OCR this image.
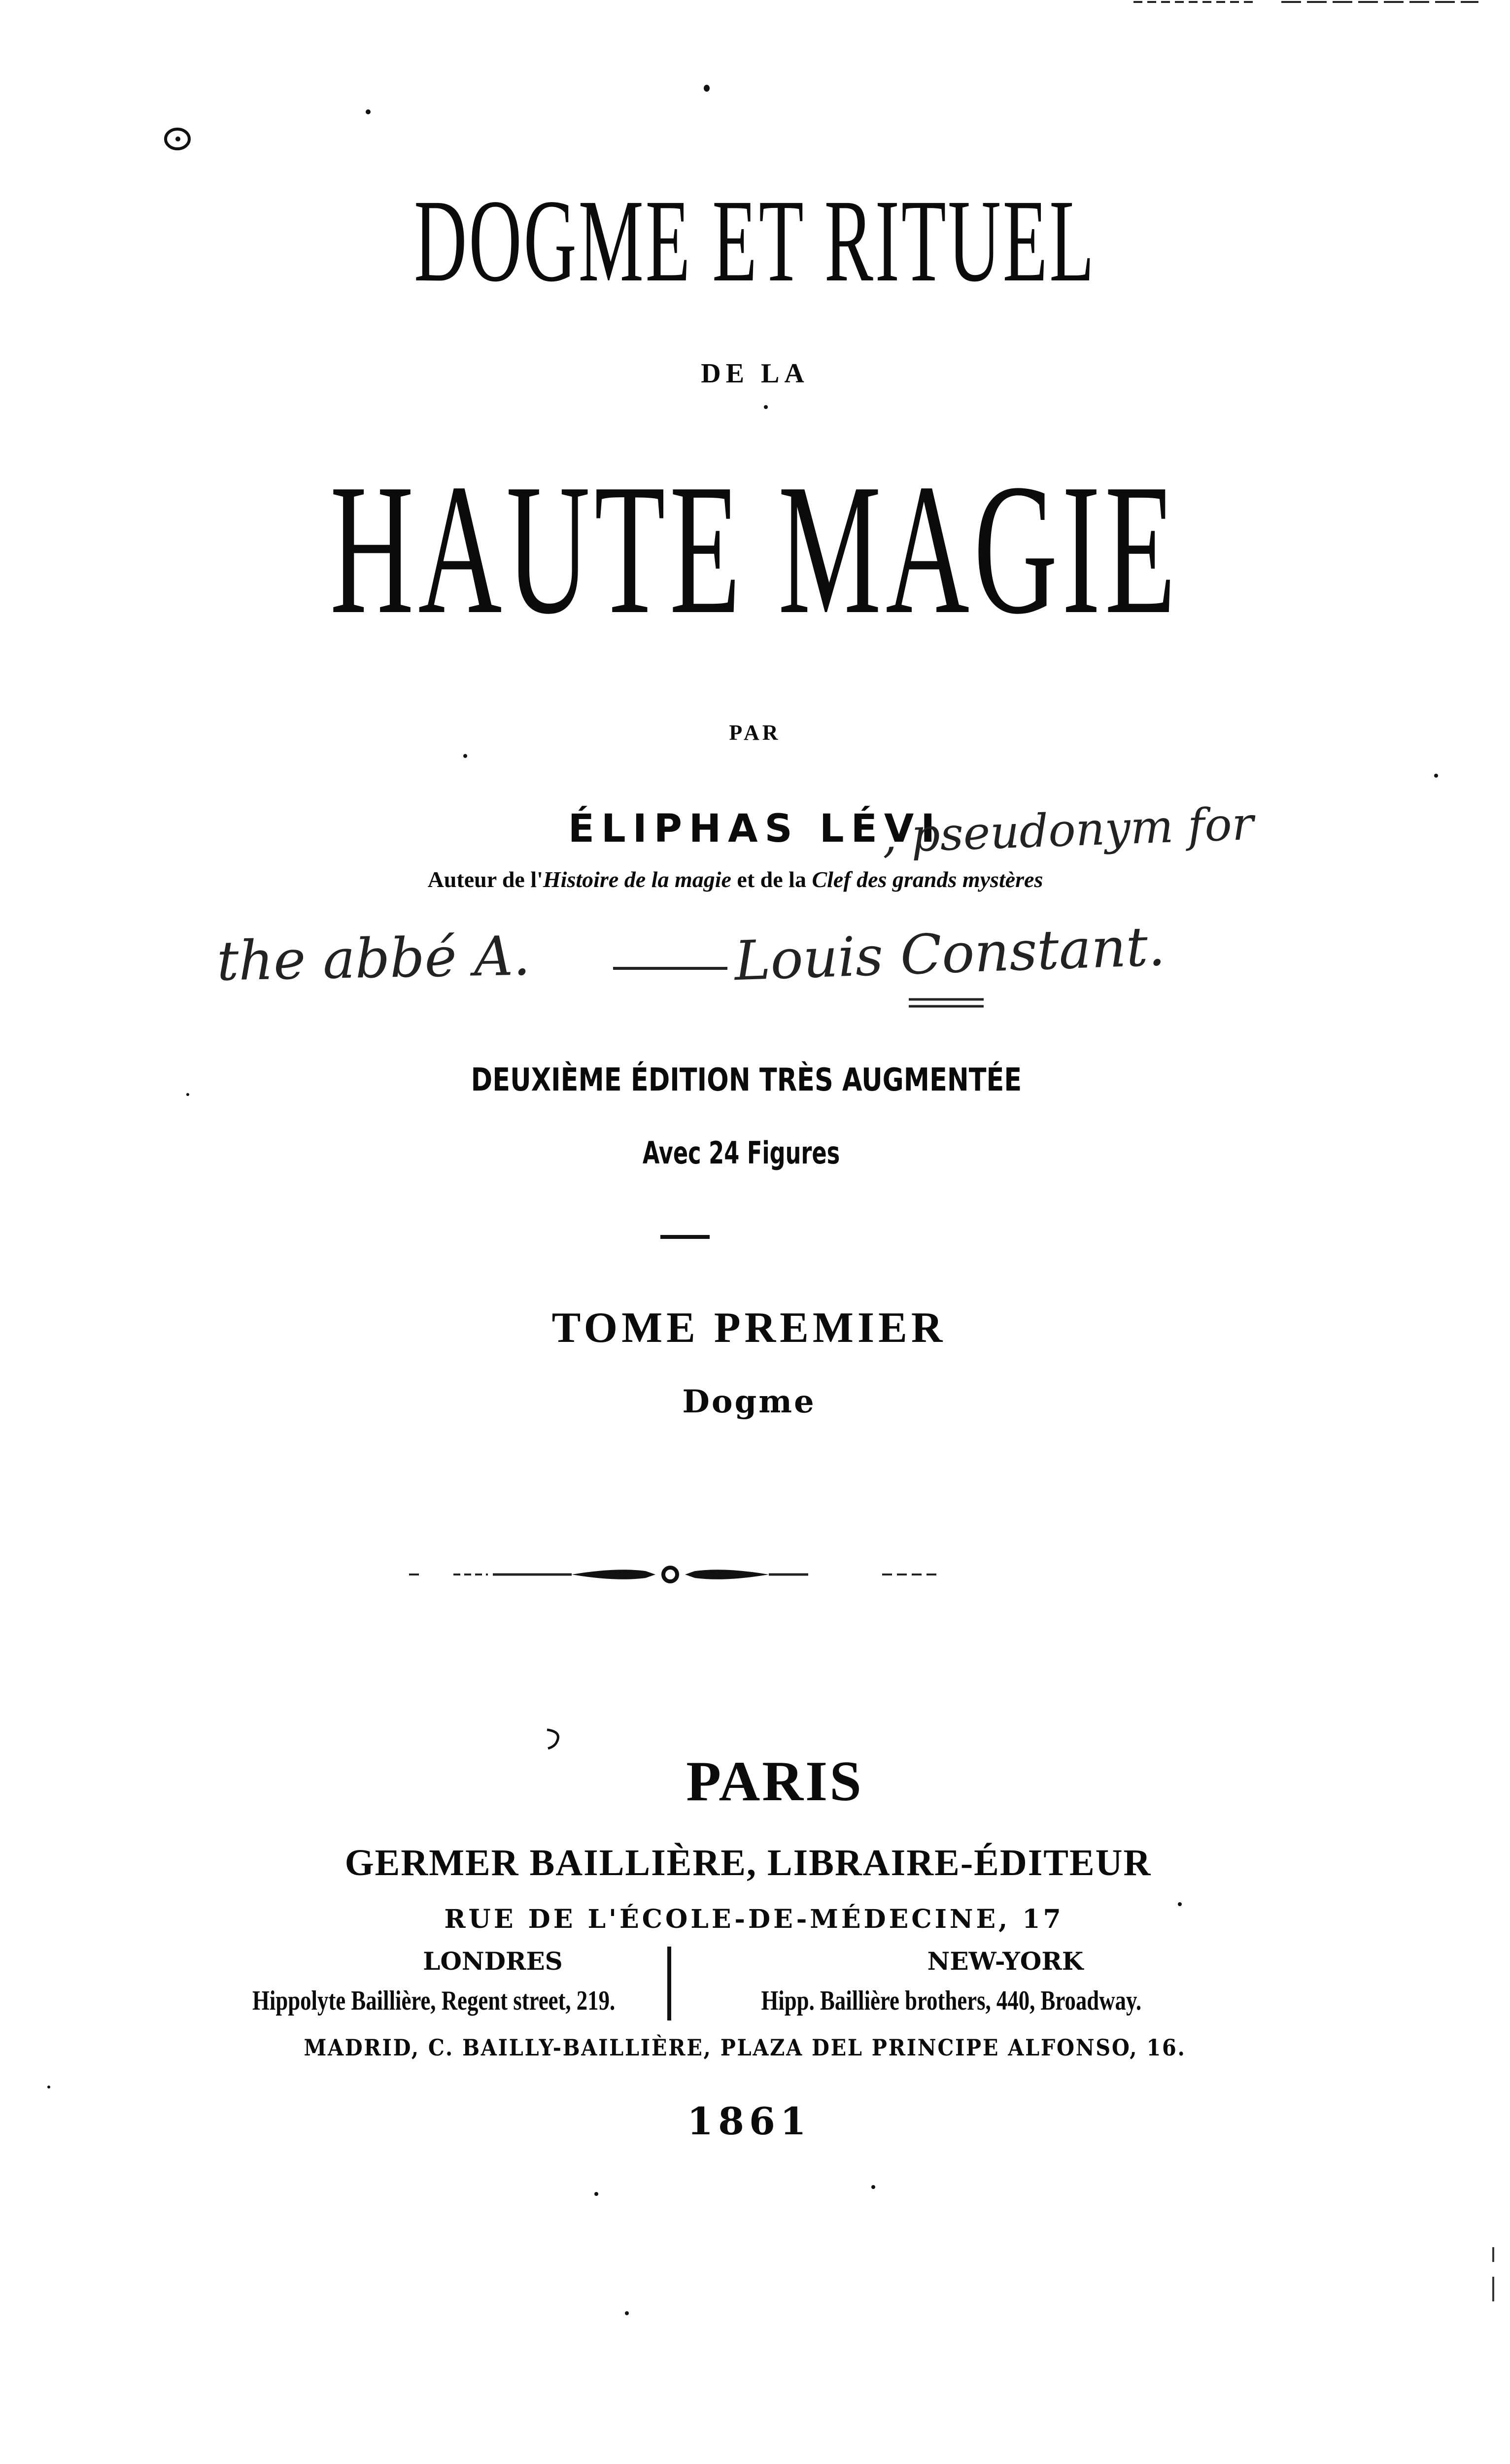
DOGME ET RITUEL
DE LA
HAUTE MAGIE
PAR
ÉLIPHAS LÉVI
Auteur de l'Histoire de la magie et de la Clef des grands mystères
, pseudonym for
the abbé A.	Louis Constant.
DEUXIÈME ÉDITION TRÈS AUGMENTÉE
Avec 24 Figures
TOME PREMIER
Dogme
PARIS
GERMER BAILLIÈRE, LIBRAIRE-ÉDITEUR
RUE DE L'ÉCOLE-DE-MÉDECINE, 17
LONDRES
Hippolyte Baillière, Regent street, 219.
NEW-YORK
Hipp. Baillière brothers, 440, Broadway.
MADRID, C. BAILLY-BAILLIÈRE, PLAZA DEL PRINCIPE ALFONSO, 16.
1861
